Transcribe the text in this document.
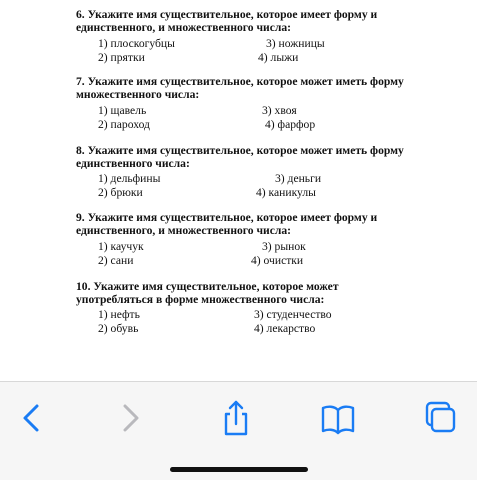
6. Укажите имя существительное, которое имеет форму и единственного, и множественного числа:
1) плоскогубцы
2) прятки
3) ножницы
4) лыжи
7. Укажите имя существительное, которое может иметь форму множественного числа:
1) щавель
2) пароход
3) хвоя
4) фарфор
8. Укажите имя существительное, которое может иметь форму единственного числа:
1) дельфины
2) брюки
3) деньги
4) каникулы
9. Укажите имя существительное, которое имеет форму и единственного, и множественного числа:
1) каучук
2) сани
3) рынок
4) очистки
10. Укажите имя существительное, которое может употребляться в форме множественного числа:
1) нефть
2) обувь
3) студенчество
4) лекарство
